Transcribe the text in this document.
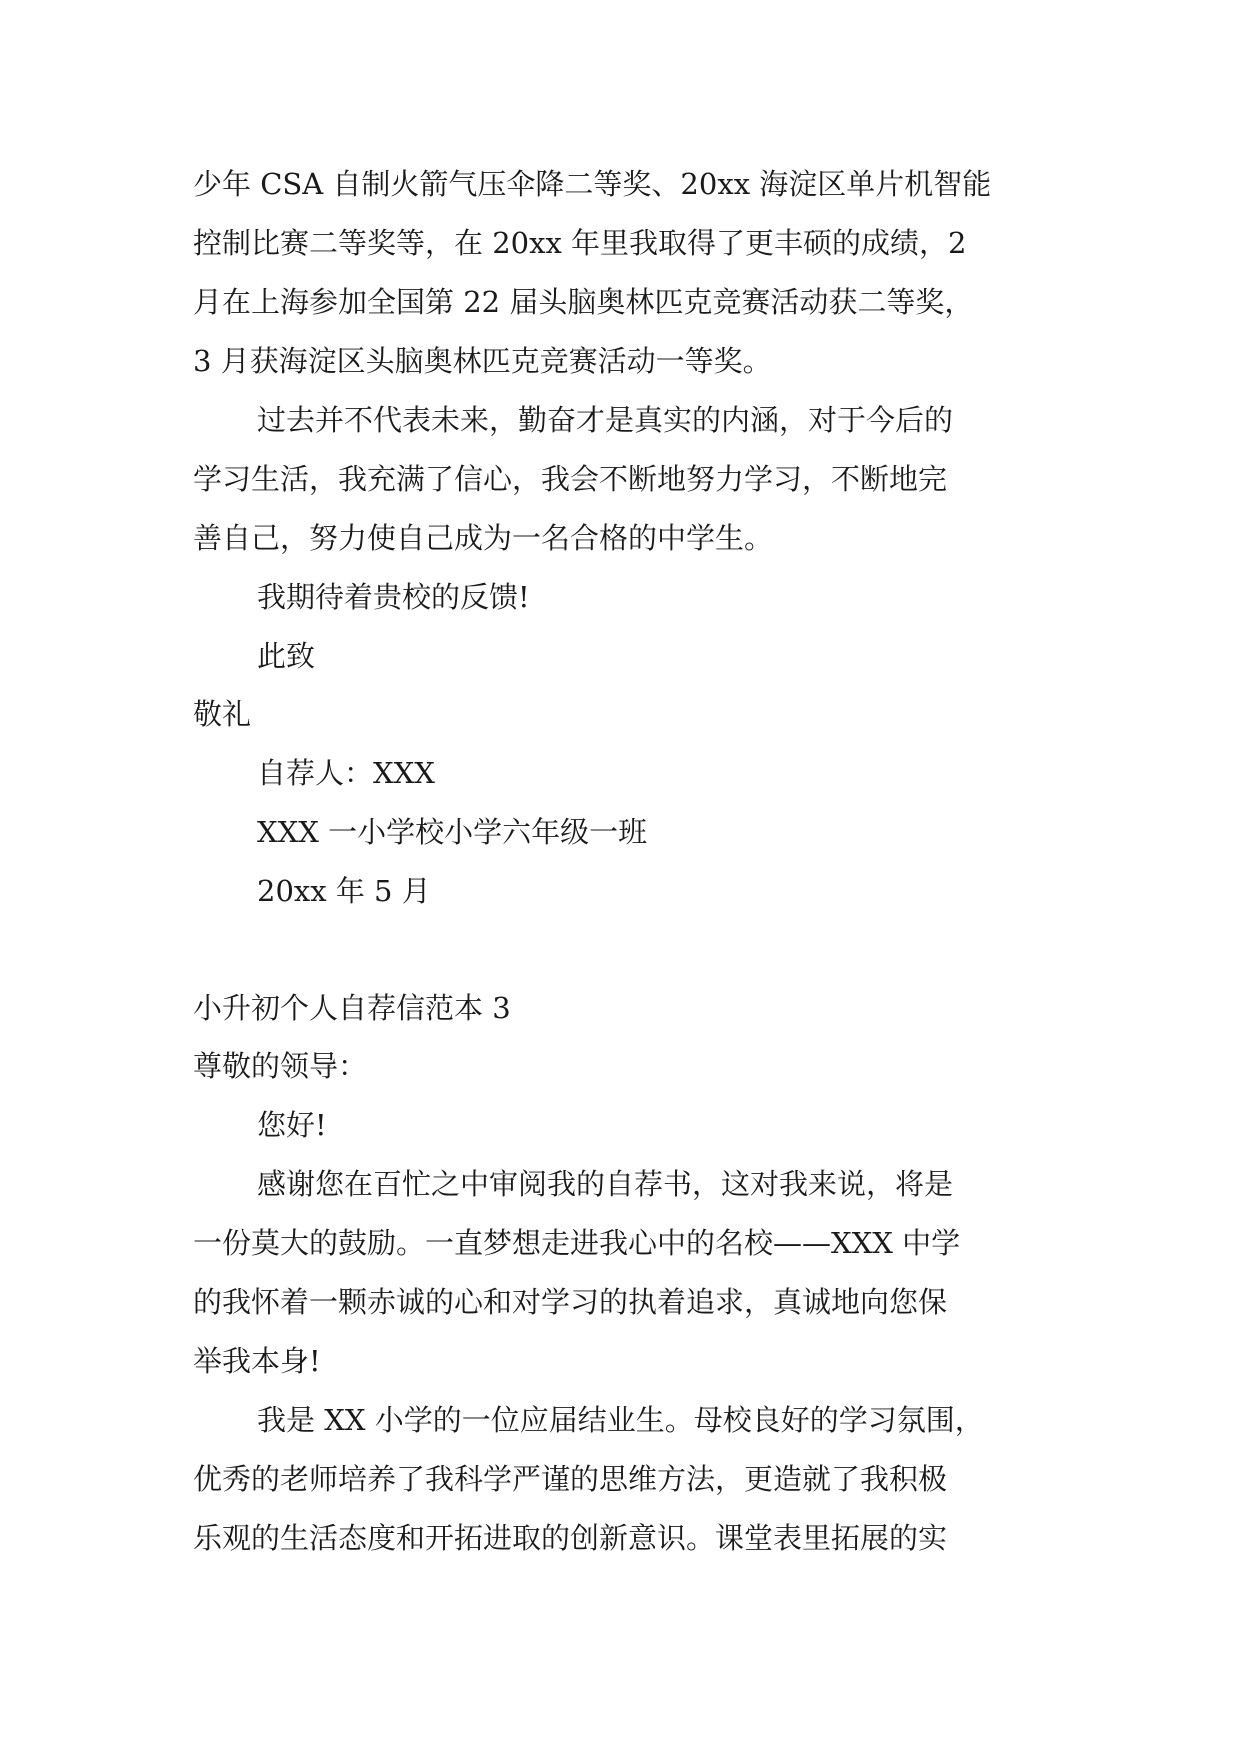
少年 CSA 自制火箭气压伞降二等奖、20xx 海淀区单片机智能
控制比赛二等奖等，在 20xx 年里我取得了更丰硕的成绩，2
月在上海参加全国第 22 届头脑奥林匹克竞赛活动获二等奖，
3 月获海淀区头脑奥林匹克竞赛活动一等奖。
过去并不代表未来，勤奋才是真实的内涵，对于今后的
学习生活，我充满了信心，我会不断地努力学习，不断地完
善自己，努力使自己成为一名合格的中学生。
我期待着贵校的反馈!
此致
敬礼
自荐人：XXX
XXX 一小学校小学六年级一班
20xx 年 5 月
小升初个人自荐信范本 3
尊敬的领导：
您好!
感谢您在百忙之中审阅我的自荐书，这对我来说，将是
一份莫大的鼓励。一直梦想走进我心中的名校——XXX 中学
的我怀着一颗赤诚的心和对学习的执着追求，真诚地向您保
举我本身!
我是 XX 小学的一位应届结业生。母校良好的学习氛围，
优秀的老师培养了我科学严谨的思维方法，更造就了我积极
乐观的生活态度和开拓进取的创新意识。课堂表里拓展的实
